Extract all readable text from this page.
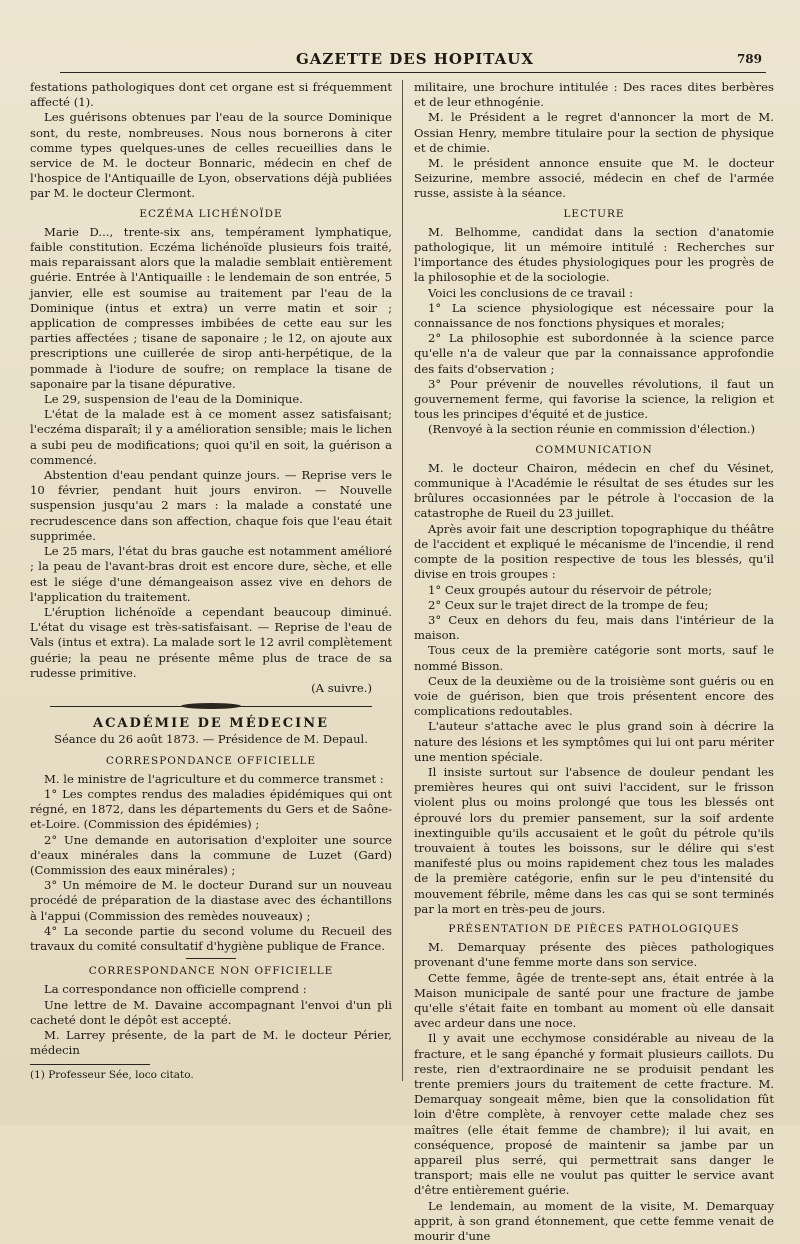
GAZETTE DES HOPITAUX	789

festations pathologiques dont cet organe est si fréquemment affecté (1).

Les guérisons obtenues par l'eau de la source Dominique sont, du reste, nombreuses. Nous nous bornerons à citer comme types quelques-unes de celles recueillies dans le service de M. le docteur Bonnaric, médecin en chef de l'hospice de l'Antiquaille de Lyon, observations déjà publiées par M. le docteur Clermont.

ECZÉMA LICHÉNOÏDE

Marie D..., trente-six ans, tempérament lymphatique, faible constitution. Eczéma lichénoïde plusieurs fois traité, mais reparaissant alors que la maladie semblait entièrement guérie. Entrée à l'Antiquaille : le lendemain de son entrée, 5 janvier, elle est soumise au traitement par l'eau de la Dominique (intus et extra) un verre matin et soir ; application de compresses imbibées de cette eau sur les parties affectées ; tisane de saponaire ; le 12, on ajoute aux prescriptions une cuillerée de sirop anti-herpétique, de la pommade à l'iodure de soufre; on remplace la tisane de saponaire par la tisane dépurative.

Le 29, suspension de l'eau de la Dominique.

L'état de la malade est à ce moment assez satisfaisant; l'eczéma disparaît; il y a amélioration sensible; mais le lichen a subi peu de modifications; quoi qu'il en soit, la guérison a commencé.

Abstention d'eau pendant quinze jours. — Reprise vers le 10 février, pendant huit jours environ. — Nouvelle suspension jusqu'au 2 mars : la malade a constaté une recrudescence dans son affection, chaque fois que l'eau était supprimée.

Le 25 mars, l'état du bras gauche est notamment amélioré ; la peau de l'avant-bras droit est encore dure, sèche, et elle est le siége d'une démangeaison assez vive en dehors de l'application du traitement.

L'éruption lichénoïde a cependant beaucoup diminué. L'état du visage est très-satisfaisant. — Reprise de l'eau de Vals (intus et extra). La malade sort le 12 avril complètement guérie; la peau ne présente même plus de trace de sa rudesse primitive.

(A suivre.)
ACADÉMIE DE MÉDECINE
Séance du 26 août 1873. — Présidence de M. Depaul.
CORRESPONDANCE OFFICIELLE

M. le ministre de l'agriculture et du commerce transmet :

1° Les comptes rendus des maladies épidémiques qui ont régné, en 1872, dans les départements du Gers et de Saône-et-Loire. (Commission des épidémies) ;

2° Une demande en autorisation d'exploiter une source d'eaux minérales dans la commune de Luzet (Gard) (Commission des eaux minérales) ;

3° Un mémoire de M. le docteur Durand sur un nouveau procédé de préparation de la diastase avec des échantillons à l'appui (Commission des remèdes nouveaux) ;

4° La seconde partie du second volume du Recueil des travaux du comité consultatif d'hygiène publique de France.

CORRESPONDANCE NON OFFICIELLE

La correspondance non officielle comprend :

Une lettre de M. Davaine accompagnant l'envoi d'un pli cacheté dont le dépôt est accepté.

M. Larrey présente, de la part de M. le docteur Périer, médecin

(1) Professeur Sée, loco citato.

militaire, une brochure intitulée : Des races dites berbères et de leur ethnogénie.

M. le Président a le regret d'annoncer la mort de M. Ossian Henry, membre titulaire pour la section de physique et de chimie.

M. le président annonce ensuite que M. le docteur Seizurine, membre associé, médecin en chef de l'armée russe, assiste à la séance.

LECTURE

M. Belhomme, candidat dans la section d'anatomie pathologique, lit un mémoire intitulé : Recherches sur l'importance des études physiologiques pour les progrès de la philosophie et de la sociologie.

Voici les conclusions de ce travail :

1° La science physiologique est nécessaire pour la connaissance de nos fonctions physiques et morales;

2° La philosophie est subordonnée à la science parce qu'elle n'a de valeur que par la connaissance approfondie des faits d'observation ;

3° Pour prévenir de nouvelles révolutions, il faut un gouvernement ferme, qui favorise la science, la religion et tous les principes d'équité et de justice.

(Renvoyé à la section réunie en commission d'élection.)

COMMUNICATION

M. le docteur Chairon, médecin en chef du Vésinet, communique à l'Académie le résultat de ses études sur les brûlures occasionnées par le pétrole à l'occasion de la catastrophe de Rueil du 23 juillet.

Après avoir fait une description topographique du théâtre de l'accident et expliqué le mécanisme de l'incendie, il rend compte de la position respective de tous les blessés, qu'il divise en trois groupes :

1° Ceux groupés autour du réservoir de pétrole;

2° Ceux sur le trajet direct de la trompe de feu;

3° Ceux en dehors du feu, mais dans l'intérieur de la maison.

Tous ceux de la première catégorie sont morts, sauf le nommé Bisson.

Ceux de la deuxième ou de la troisième sont guéris ou en voie de guérison, bien que trois présentent encore des complications redoutables.

L'auteur s'attache avec le plus grand soin à décrire la nature des lésions et les symptômes qui lui ont paru mériter une mention spéciale.

Il insiste surtout sur l'absence de douleur pendant les premières heures qui ont suivi l'accident, sur le frisson violent plus ou moins prolongé que tous les blessés ont éprouvé lors du premier pansement, sur la soif ardente inextinguible qu'ils accusaient et le goût du pétrole qu'ils trouvaient à toutes les boissons, sur le délire qui s'est manifesté plus ou moins rapidement chez tous les malades de la première catégorie, enfin sur le peu d'intensité du mouvement fébrile, même dans les cas qui se sont terminés par la mort en très-peu de jours.

PRÉSENTATION DE PIÈCES PATHOLOGIQUES

M. Demarquay présente des pièces pathologiques provenant d'une femme morte dans son service.

Cette femme, âgée de trente-sept ans, était entrée à la Maison municipale de santé pour une fracture de jambe qu'elle s'était faite en tombant au moment où elle dansait avec ardeur dans une noce.

Il y avait une ecchymose considérable au niveau de la fracture, et le sang épanché y formait plusieurs caillots. Du reste, rien d'extraordinaire ne se produisit pendant les trente premiers jours du traitement de cette fracture. M. Demarquay songeait même, bien que la consolidation fût loin d'être complète, à renvoyer cette malade chez ses maîtres (elle était femme de chambre); il lui avait, en conséquence, proposé de maintenir sa jambe par un appareil plus serré, qui permettrait sans danger le transport; mais elle ne voulut pas quitter le service avant d'être entièrement guérie.

Le lendemain, au moment de la visite, M. Demarquay apprit, à son grand étonnement, que cette femme venait de mourir d'une
